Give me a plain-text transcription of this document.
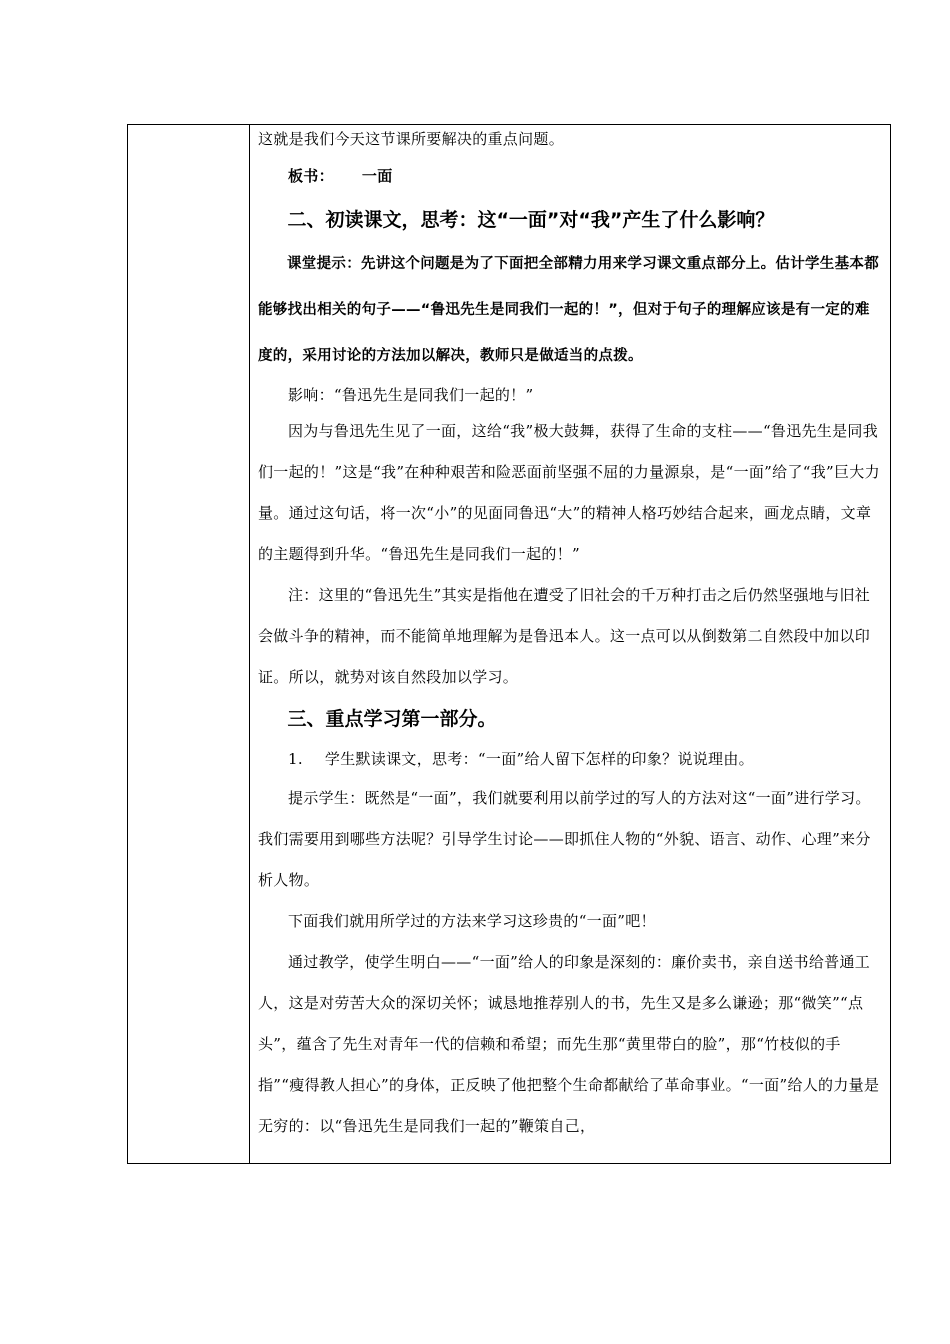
这就是我们今天这节课所要解决的重点问题。

板书： 一面

二、初读课文，思考：这“一面”对“我”产生了什么影响？

课堂提示：先讲这个问题是为了下面把全部精力用来学习课文重点部分上。估计学生基本都能够找出相关的句子——“鲁迅先生是同我们一起的！”，但对于句子的理解应该是有一定的难度的，采用讨论的方法加以解决，教师只是做适当的点拨。

影响：“鲁迅先生是同我们一起的！”

因为与鲁迅先生见了一面，这给“我”极大鼓舞，获得了生命的支柱——“鲁迅先生是同我们一起的！”这是“我”在种种艰苦和险恶面前坚强不屈的力量源泉，是“一面”给了“我”巨大力量。通过这句话，将一次“小”的见面同鲁迅“大”的精神人格巧妙结合起来，画龙点睛，文章的主题得到升华。“鲁迅先生是同我们一起的！”

注：这里的“鲁迅先生”其实是指他在遭受了旧社会的千万种打击之后仍然坚强地与旧社会做斗争的精神，而不能简单地理解为是鲁迅本人。这一点可以从倒数第二自然段中加以印证。所以，就势对该自然段加以学习。

三、重点学习第一部分。

1. 学生默读课文，思考：“一面”给人留下怎样的印象？说说理由。

提示学生：既然是“一面”，我们就要利用以前学过的写人的方法对这“一面”进行学习。我们需要用到哪些方法呢？引导学生讨论——即抓住人物的“外貌、语言、动作、心理”来分析人物。

下面我们就用所学过的方法来学习这珍贵的“一面”吧！

通过教学，使学生明白——“一面”给人的印象是深刻的：廉价卖书，亲自送书给普通工人，这是对劳苦大众的深切关怀；诚恳地推荐别人的书，先生又是多么谦逊；那“微笑”“点头”，蕴含了先生对青年一代的信赖和希望；而先生那“黄里带白的脸”，那“竹枝似的手指”“瘦得教人担心”的身体，正反映了他把整个生命都献给了革命事业。“一面”给人的力量是无穷的：以“鲁迅先生是同我们一起的”鞭策自己，
